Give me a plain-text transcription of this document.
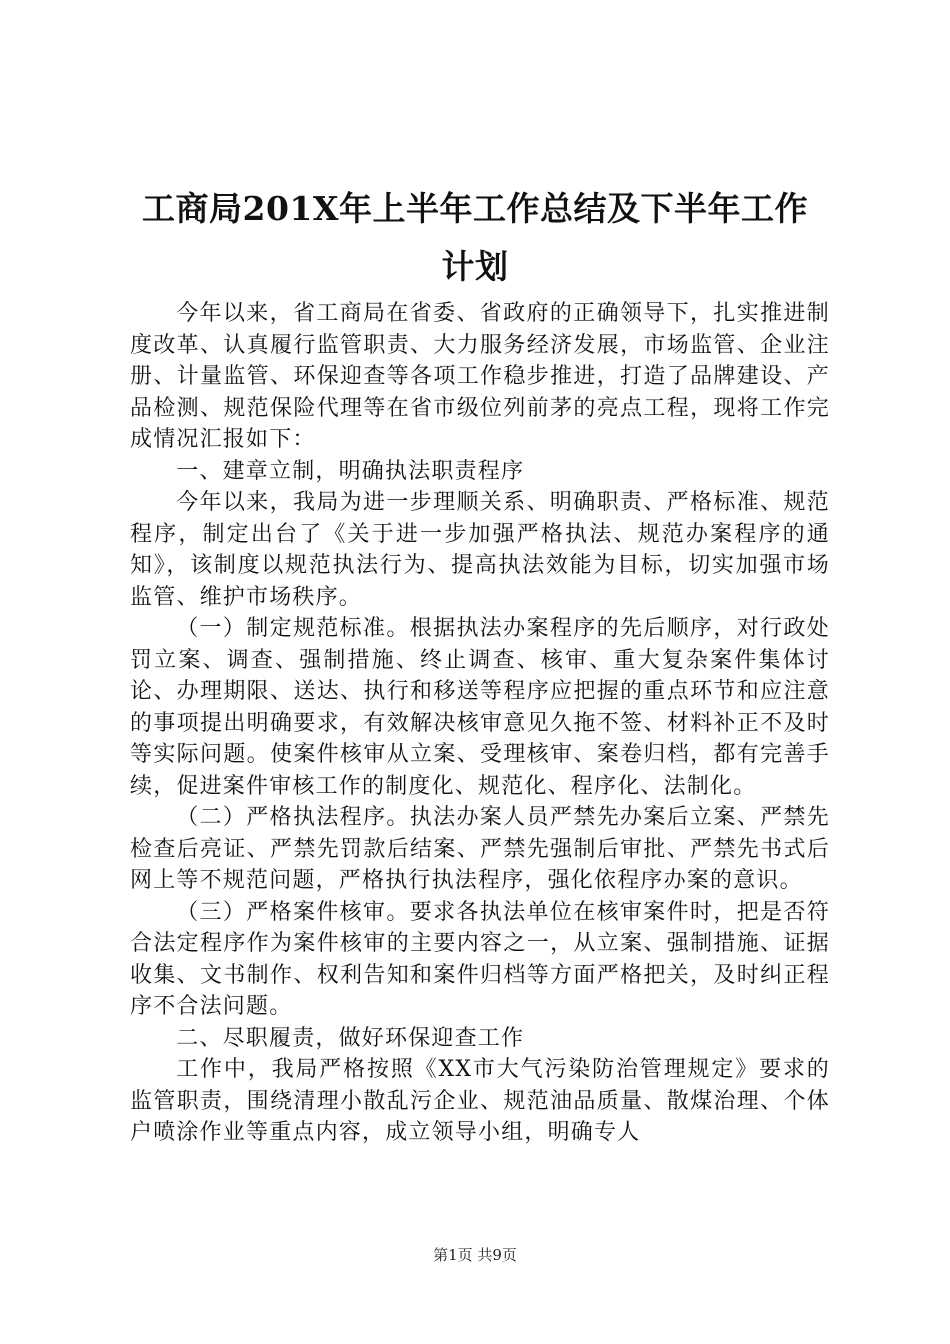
工商局201X年上半年工作总结及下半年工作
计划

今年以来，省工商局在省委、省政府的正确领导下，扎实推进制度改革、认真履行监管职责、大力服务经济发展，市场监管、企业注册、计量监管、环保迎查等各项工作稳步推进，打造了品牌建设、产品检测、规范保险代理等在省市级位列前茅的亮点工程，现将工作完成情况汇报如下：

一、建章立制，明确执法职责程序

今年以来，我局为进一步理顺关系、明确职责、严格标准、规范程序，制定出台了《关于进一步加强严格执法、规范办案程序的通知》，该制度以规范执法行为、提高执法效能为目标，切实加强市场监管、维护市场秩序。

（一）制定规范标准。根据执法办案程序的先后顺序，对行政处罚立案、调查、强制措施、终止调查、核审、重大复杂案件集体讨论、办理期限、送达、执行和移送等程序应把握的重点环节和应注意的事项提出明确要求，有效解决核审意见久拖不签、材料补正不及时等实际问题。使案件核审从立案、受理核审、案卷归档，都有完善手续，促进案件审核工作的制度化、规范化、程序化、法制化。

（二）严格执法程序。执法办案人员严禁先办案后立案、严禁先检查后亮证、严禁先罚款后结案、严禁先强制后审批、严禁先书式后网上等不规范问题，严格执行执法程序，强化依程序办案的意识。

（三）严格案件核审。要求各执法单位在核审案件时，把是否符合法定程序作为案件核审的主要内容之一，从立案、强制措施、证据收集、文书制作、权利告知和案件归档等方面严格把关，及时纠正程序不合法问题。

二、尽职履责，做好环保迎查工作

工作中，我局严格按照《XX市大气污染防治管理规定》要求的监管职责，围绕清理小散乱污企业、规范油品质量、散煤治理、个体户喷涂作业等重点内容，成立领导小组，明确专人

第1页 共9页
